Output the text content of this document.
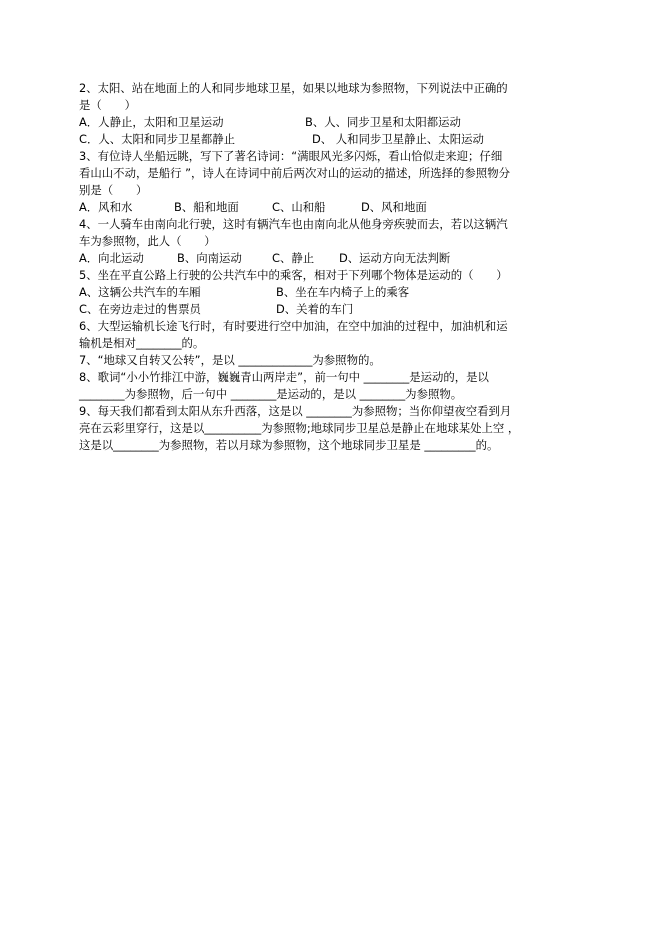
2、太阳、站在地面上的人和同步地球卫星，如果以地球为参照物，下列说法中正确的
是（　　）
A．人静止，太阳和卫星运动	B、人、同步卫星和太阳都运动
C．人、太阳和同步卫星都静止	D、 人和同步卫星静止、太阳运动
3、有位诗人坐船远眺，写下了著名诗词：“满眼风光多闪烁，看山恰似走来迎；仔细
看山山不动，是船行 ”，诗人在诗词中前后两次对山的运动的描述，所选择的参照物分
别是（　　）
A．风和水	B、船和地面	C、山和船	D、风和地面
4、一人骑车由南向北行驶，这时有辆汽车也由南向北从他身旁疾驶而去，若以这辆汽
车为参照物，此人（　　）
A．向北运动	B、向南运动	C、静止	D、运动方向无法判断
5、坐在平直公路上行驶的公共汽车中的乘客，相对于下列哪个物体是运动的（　　）
A、这辆公共汽车的车厢	B、坐在车内椅子上的乘客
C、在旁边走过的售票员	D、关着的车门
6、大型运输机长途飞行时，有时要进行空中加油，在空中加油的过程中，加油机和运
输机是相对________的。
7、“地球又自转又公转”，是以 _____________为参照物的。
8、歌词“小小竹排江中游，巍巍青山两岸走”，前一句中 ________是运动的，是以
________为参照物，后一句中 ________是运动的，是以 ________为参照物。
9、每天我们都看到太阳从东升西落，这是以 ________为参照物；当你仰望夜空看到月
亮在云彩里穿行，这是以__________为参照物;地球同步卫星总是静止在地球某处上空 ，
这是以________为参照物，若以月球为参照物，这个地球同步卫星是 _________的。
